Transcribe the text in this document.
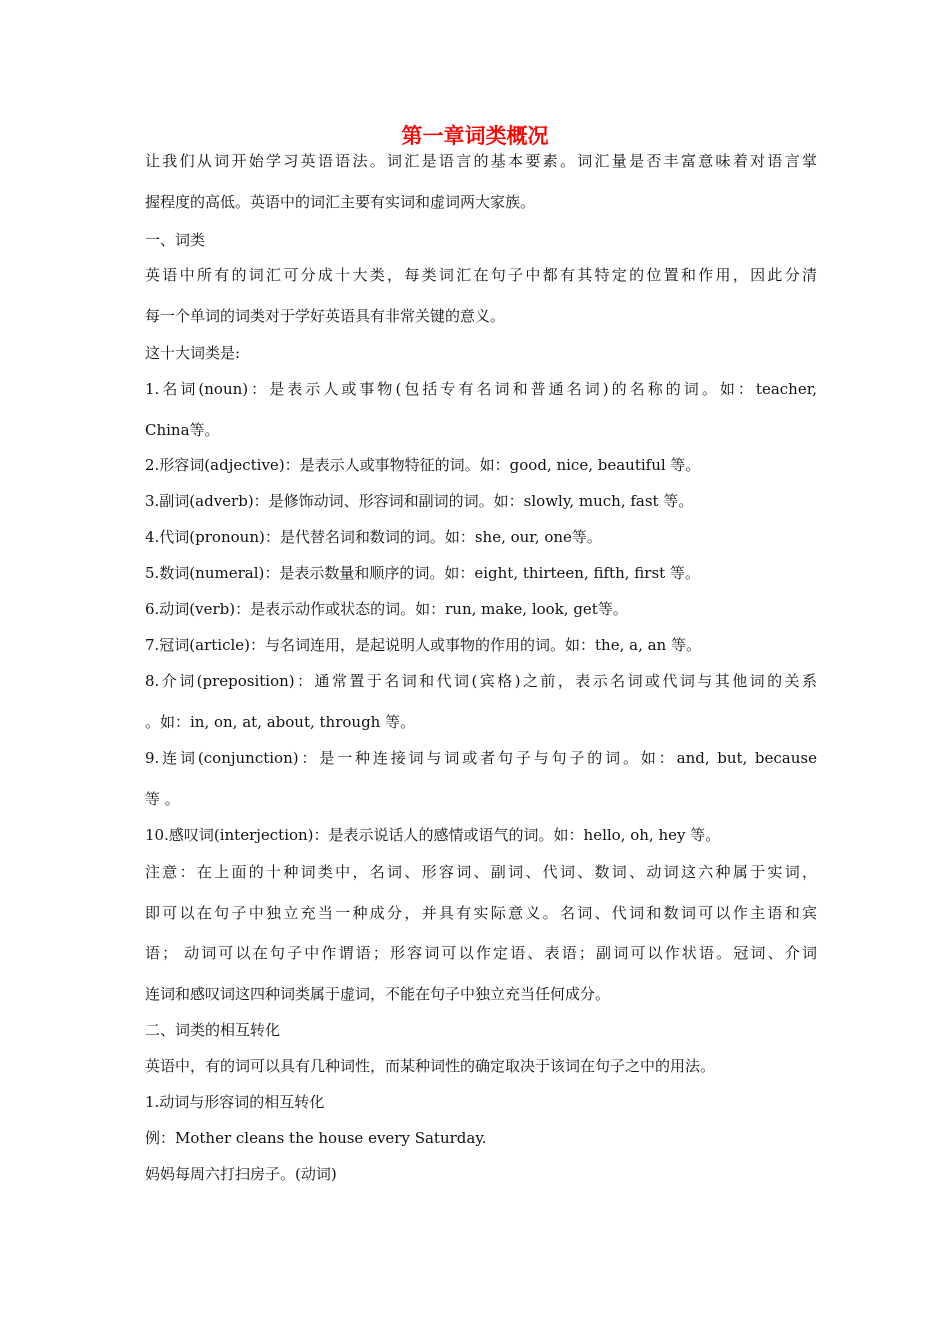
第一章词类概况

让我们从词开始学习英语语法。词汇是语言的基本要素。词汇量是否丰富意味着对语言掌

握程度的高低。英语中的词汇主要有实词和虚词两大家族。

一、词类

英语中所有的词汇可分成十大类，每类词汇在句子中都有其特定的位置和作用，因此分清

每一个单词的词类对于学好英语具有非常关键的意义。

这十大词类是:

1.名词(noun)：是表示人或事物(包括专有名词和普通名词)的名称的词。如：teacher,

China等。

2.形容词(adjective)：是表示人或事物特征的词。如：good, nice, beautiful 等。

3.副词(adverb)：是修饰动词、形容词和副词的词。如：slowly, much, fast 等。

4.代词(pronoun)：是代替名词和数词的词。如：she, our, one等。

5.数词(numeral)：是表示数量和顺序的词。如：eight, thirteen, fifth, first 等。

6.动词(verb)：是表示动作或状态的词。如：run, make, look, get等。

7.冠词(article)：与名词连用，是起说明人或事物的作用的词。如：the, a, an 等。

8.介词(preposition)：通常置于名词和代词(宾格)之前，表示名词或代词与其他词的关系

。如：in, on, at, about, through 等。

9.连词(conjunction)：是一种连接词与词或者句子与句子的词。如：and, but, because

等 。

10.感叹词(interjection)：是表示说话人的感情或语气的词。如：hello, oh, hey 等。

注意：在上面的十种词类中，名词、形容词、副词、代词、数词、动词这六种属于实词，

即可以在句子中独立充当一种成分，并具有实际意义。名词、代词和数词可以作主语和宾

语； 动词可以在句子中作谓语；形容词可以作定语、表语；副词可以作状语。冠词、介词

连词和感叹词这四种词类属于虚词，不能在句子中独立充当任何成分。

二、词类的相互转化

英语中，有的词可以具有几种词性，而某种词性的确定取决于该词在句子之中的用法。

1.动词与形容词的相互转化

例：Mother cleans the house every Saturday.

妈妈每周六打扫房子。(动词)
